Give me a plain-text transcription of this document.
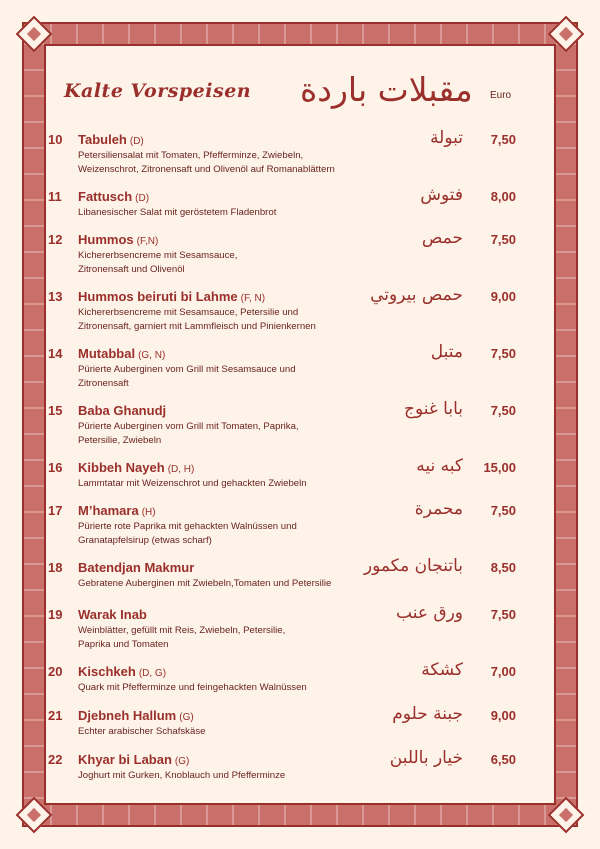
Kalte Vorspeisen مقبلات باردة Euro
10 Tabuleh (D)
Petersiliensalat mit Tomaten, Pfefferminze, Zwiebeln,
Weizenschrot, Zitronensaft und Olivenöl auf Romanablättern
تبولة	7,50
11 Fattusch (D)
Libanesischer Salat mit geröstetem Fladenbrot
فتوش	8,00
12 Hummos (F,N)
Kichererbsencreme mit Sesamsauce,
Zitronensaft und Olivenöl
حمص	7,50
13 Hummos beiruti bi Lahme (F, N)
Kichererbsencreme mit Sesamsauce, Petersilie und
Zitronensaft, garniert mit Lammfleisch und Pinienkernen
حمص بيروتي	9,00
14 Mutabbal (G, N)
Pürierte Auberginen vom Grill mit Sesamsauce und
Zitronensaft
متبل	7,50
15 Baba Ghanudj
Pürierte Auberginen vom Grill mit Tomaten, Paprika,
Petersilie, Zwiebeln
بابا غنوج	7,50
16 Kibbeh Nayeh (D, H)
Lammtatar mit Weizenschrot und gehackten Zwiebeln
كبه نيه 15,00
17 M’hamara (H)
Pürierte rote Paprika mit gehackten Walnüssen und
Granatapfelsirup (etwas scharf)
محمرة	7,50
18 Batendjan Makmur
Gebratene Auberginen mit Zwiebeln,Tomaten und Petersilie
باتنجان مكمور	8,50
19 Warak Inab
Weinblätter, gefüllt mit Reis, Zwiebeln, Petersilie,
Paprika und Tomaten
ورق عنب	7,50
20 Kischkeh (D, G)
Quark mit Pfefferminze und feingehackten Walnüssen
كشكة	7,00
21 Djebneh Hallum (G)
Echter arabischer Schafskäse
جبنة حلوم	9,00
22 Khyar bi Laban (G)
Joghurt mit Gurken, Knoblauch und Pfefferminze
خيار باللبن	6,50
